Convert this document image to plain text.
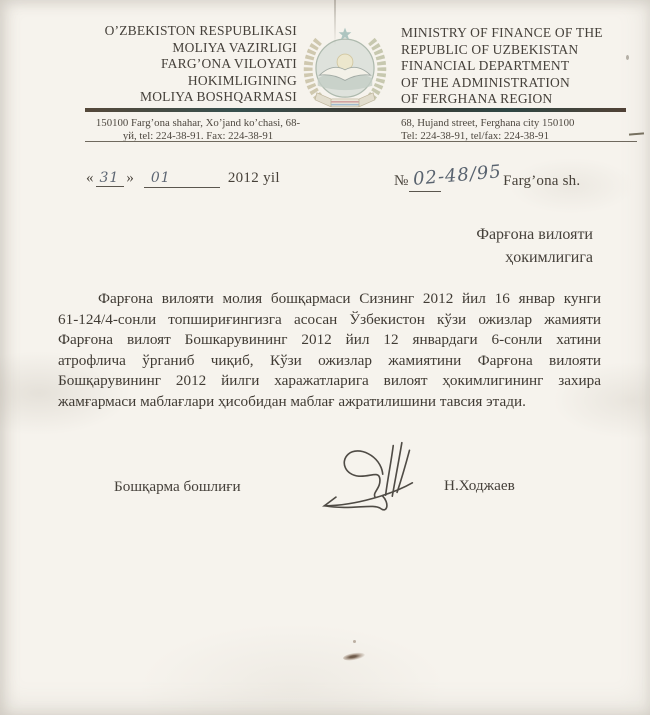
O’ZBEKISTON RESPUBLIKASI
MOLIYA VAZIRLIGI
FARG’ONA VILOYATI
HOKIMLIGINING
MOLIYA BOSHQARMASI
MINISTRY OF FINANCE OF THE
REPUBLIC OF UZBEKISTAN
FINANCIAL DEPARTMENT
OF THE ADMINISTRATION
OF FERGHANA REGION
150100 Farg’ona shahar, Xo’jand ko’chasi, 68-
уй, tel: 224-38-91. Fax: 224-38-91
68, Hujand street, Ferghana city 150100
Tel: 224-38-91, tel/fax: 224-38-91
« 31 »	01	2012 yil	№ 02-48/95 Farg’ona sh.
Фарғона вилояти
ҳокимлигига
Фарғона вилояти молия бошқармаси Сизнинг 2012 йил 16 январ кунги
61-124/4-сонли топшириғингизга асосан Ўзбекистон кўзи ожизлар жамияти
Фарғона вилоят Бошкарувининг 2012 йил 12 январдаги 6-сонли хатини
атрофлича ўрганиб чиқиб, Кўзи ожизлар жамиятини Фарғона вилояти
Бошқарувининг 2012 йилги харажатларига вилоят ҳокимлигининг захира
жамғармаси маблағлари ҳисобидан маблағ ажратилишини тавсия этади.
Бошқарма бошлиғи	Н.Ходжаев
